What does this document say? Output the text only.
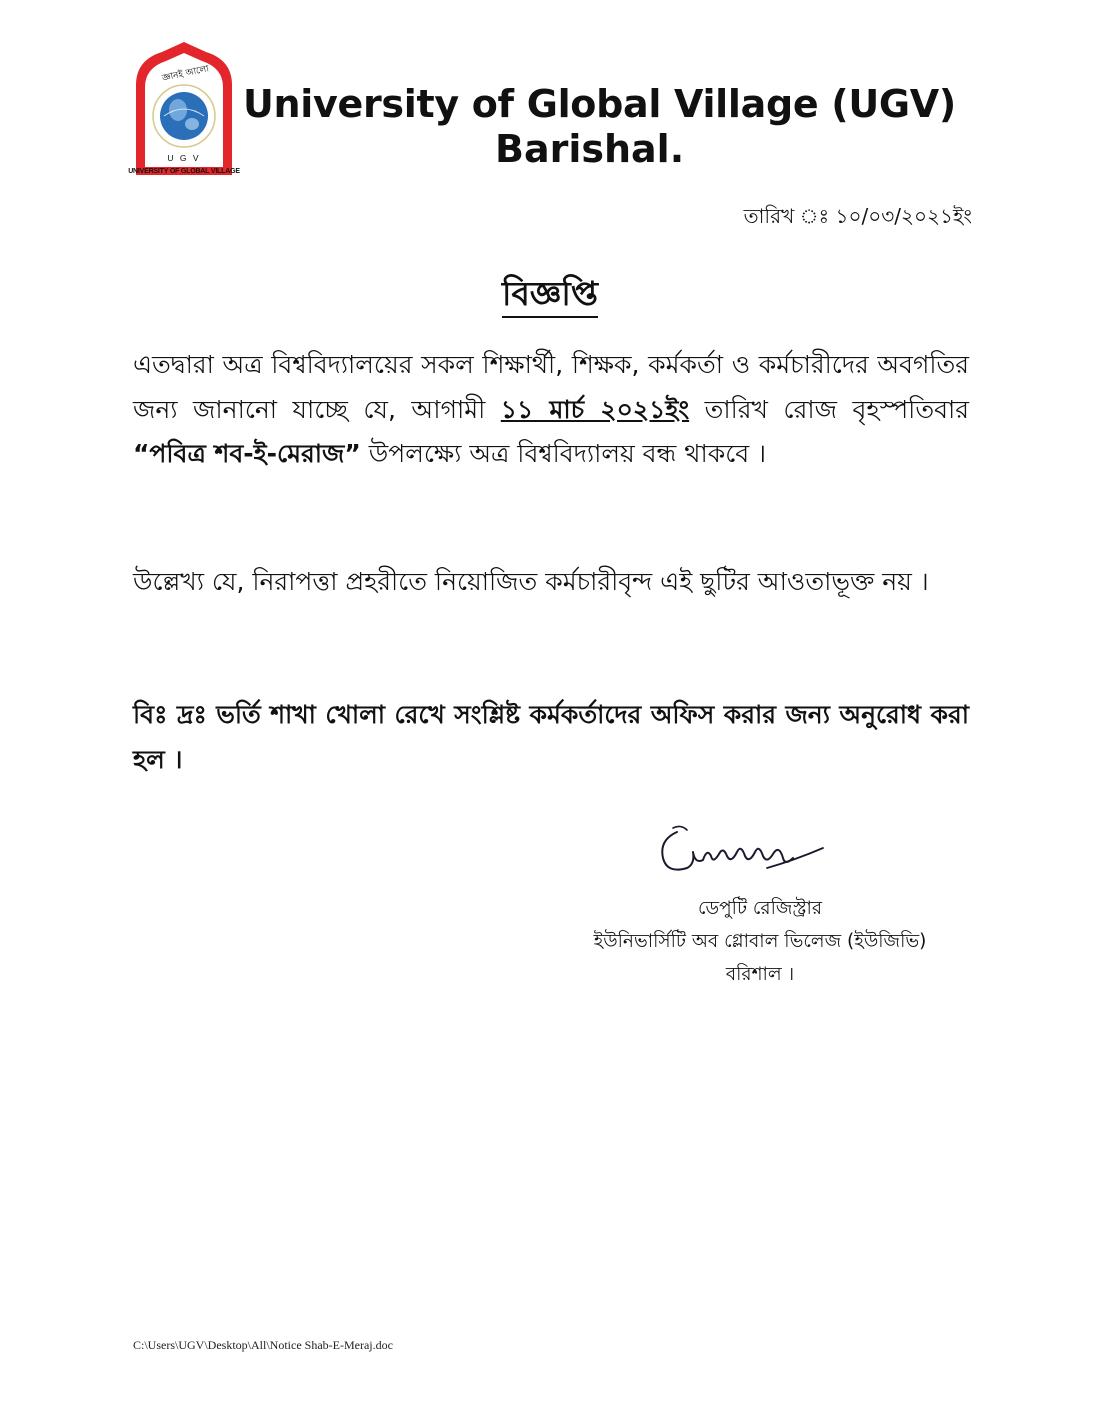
জ্ঞানই আলো
U G V
UNIVERSITY OF GLOBAL VILLAGE
University of Global Village (UGV)
Barishal.
তারিখ ঃ ১০/০৩/২০২১ইং
বিজ্ঞপ্তি
এতদ্বারা অত্র বিশ্ববিদ্যালয়ের সকল শিক্ষার্থী, শিক্ষক, কর্মকর্তা ও কর্মচারীদের অবগতির জন্য জানানো যাচ্ছে যে, আগামী ১১ মার্চ ২০২১ইং তারিখ রোজ বৃহস্পতিবার “পবিত্র শব-ই-মেরাজ” উপলক্ষ্যে অত্র বিশ্ববিদ্যালয় বন্ধ থাকবে ।
উল্লেখ্য যে, নিরাপত্তা প্রহরীতে নিয়োজিত কর্মচারীবৃন্দ এই ছুটির আওতাভূক্ত নয় ।
বিঃ দ্রঃ ভর্তি শাখা খোলা রেখে সংশ্লিষ্ট কর্মকর্তাদের অফিস করার জন্য অনুরোধ করা হল ।
ডেপুটি রেজিস্ট্রার
ইউনিভার্সিটি অব গ্লোবাল ভিলেজ (ইউজিভি)
বরিশাল ।
C:\Users\UGV\Desktop\All\Notice Shab-E-Meraj.doc
